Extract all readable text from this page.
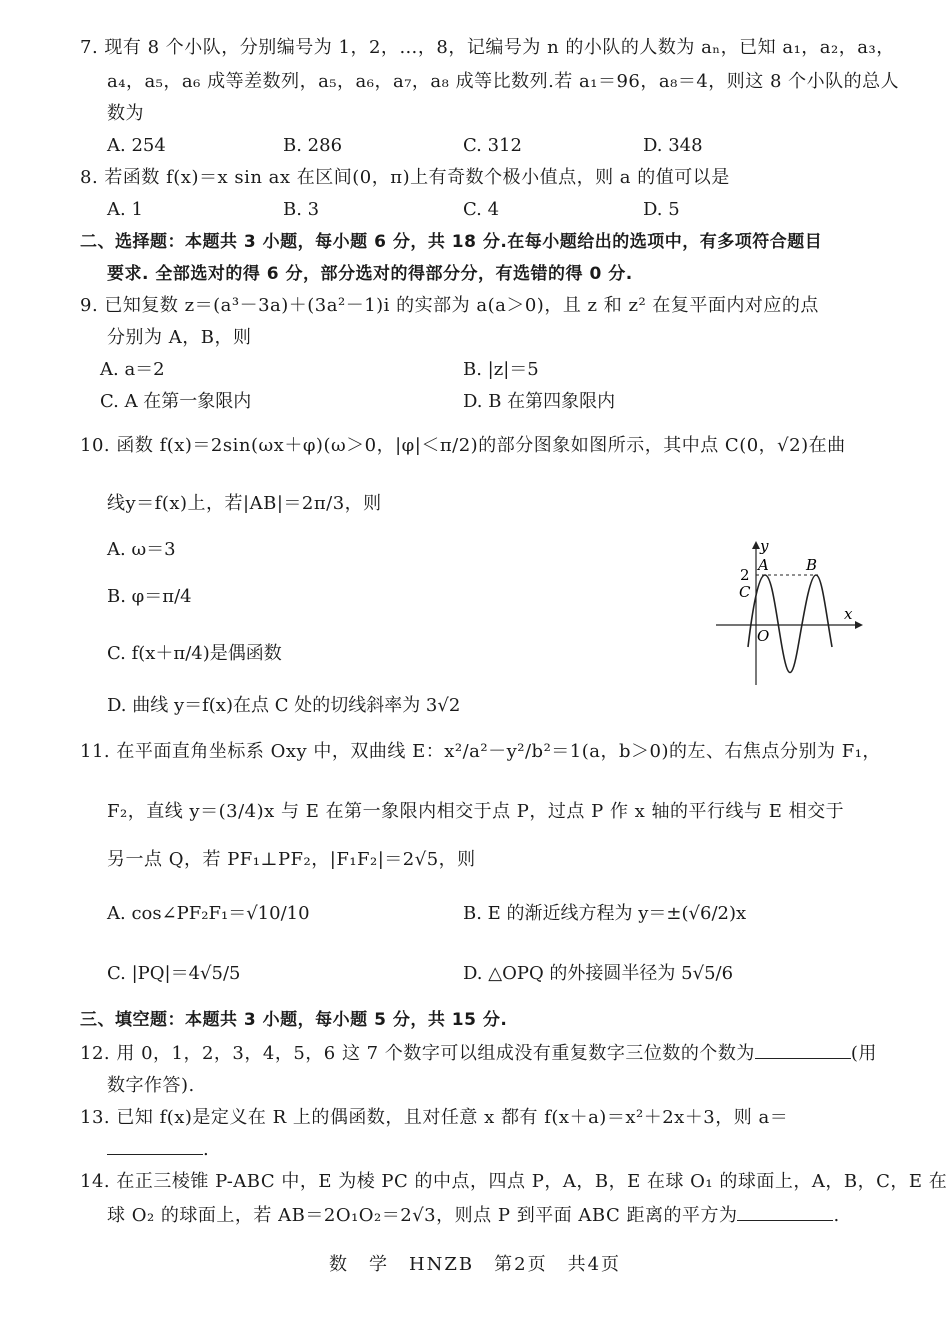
7. 现有 8 个小队，分别编号为 1，2，…，8，记编号为 n 的小队的人数为 aₙ，已知 a₁，a₂，a₃，
a₄，a₅，a₆ 成等差数列，a₅，a₆，a₇，a₈ 成等比数列.若 a₁＝96，a₈＝4，则这 8 个小队的总人
数为
A. 254	B. 286	C. 312	D. 348
8. 若函数 f(x)＝x sin ax 在区间(0，π)上有奇数个极小值点，则 a 的值可以是
A. 1	B. 3	C. 4	D. 5
二、选择题：本题共 3 小题，每小题 6 分，共 18 分.在每小题给出的选项中，有多项符合题目
要求. 全部选对的得 6 分，部分选对的得部分分，有选错的得 0 分.
9. 已知复数 z＝(a³－3a)＋(3a²－1)i 的实部为 a(a＞0)，且 z 和 z² 在复平面内对应的点
分别为 A，B，则
A. a＝2	B. |z|＝5
C. A 在第一象限内	D. B 在第四象限内
10. 函数 f(x)＝2sin(ωx＋φ)(ω＞0，|φ|＜π/2)的部分图象如图所示，其中点 C(0，√2)在曲
线y＝f(x)上，若|AB|＝2π/3，则
A. ω＝3
B. φ＝π/4
C. f(x＋π/4)是偶函数
D. 曲线 y＝f(x)在点 C 处的切线斜率为 3√2
y
x
O
2
A B
C
11. 在平面直角坐标系 Oxy 中，双曲线 E：x²/a²－y²/b²＝1(a，b＞0)的左、右焦点分别为 F₁，
F₂，直线 y＝(3/4)x 与 E 在第一象限内相交于点 P，过点 P 作 x 轴的平行线与 E 相交于
另一点 Q，若 PF₁⊥PF₂，|F₁F₂|＝2√5，则
A. cos∠PF₂F₁＝√10/10	B. E 的渐近线方程为 y＝±(√6/2)x
C. |PQ|＝4√5/5	D. △OPQ 的外接圆半径为 5√5/6
三、填空题：本题共 3 小题，每小题 5 分，共 15 分.
12. 用 0，1，2，3，4，5，6 这 7 个数字可以组成没有重复数字三位数的个数为	(用
数字作答).
13. 已知 f(x)是定义在 R 上的偶函数，且对任意 x 都有 f(x＋a)＝x²＋2x＋3，则 a＝
.
14. 在正三棱锥 P-ABC 中，E 为棱 PC 的中点，四点 P，A，B，E 在球 O₁ 的球面上，A，B，C，E 在
球 O₂ 的球面上，若 AB＝2O₁O₂＝2√3，则点 P 到平面 ABC 距离的平方为	.
数　学　HNZB　第2页　共4页
